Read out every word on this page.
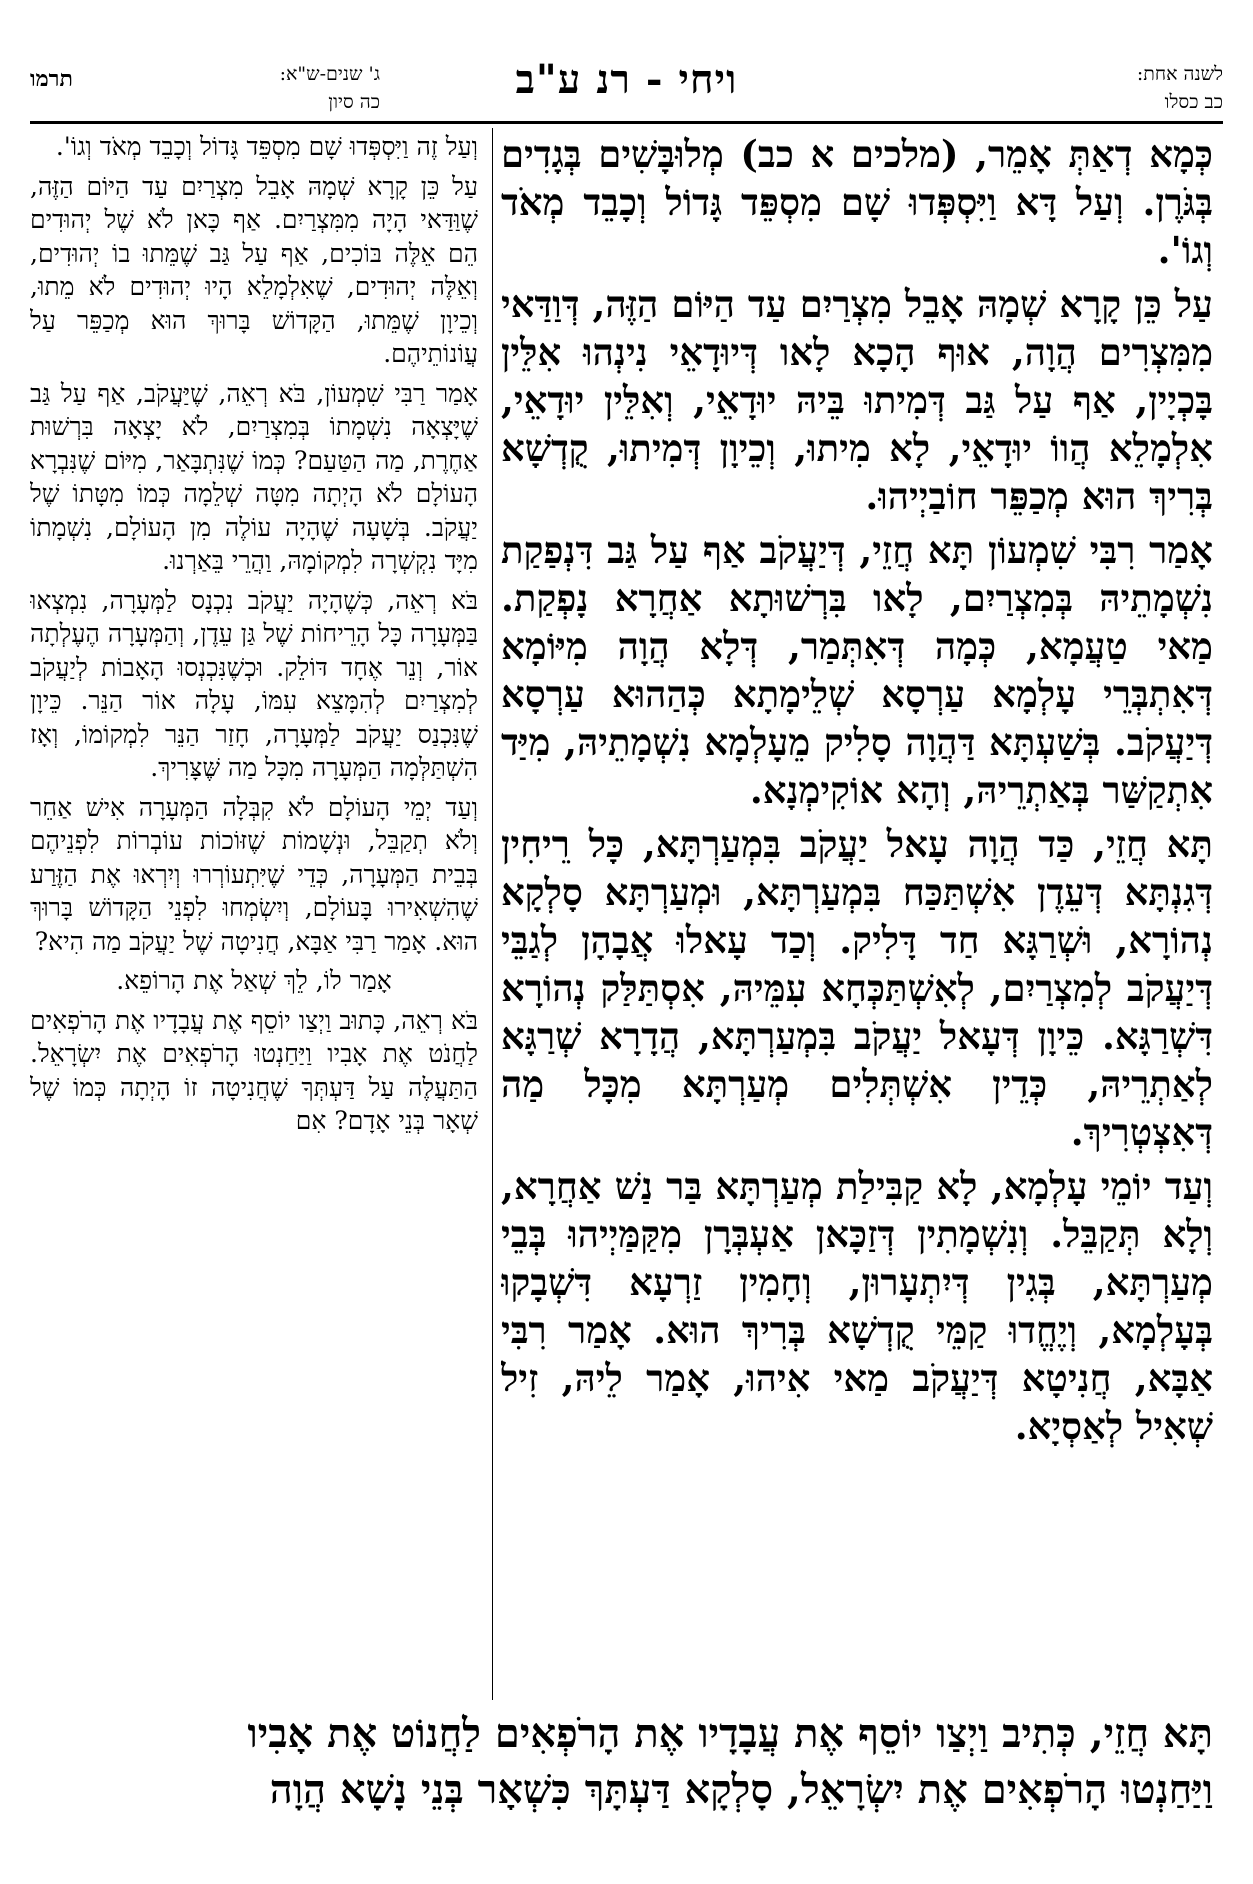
לשנה אחת:
כב כסלו
ויחי - רנ ע"ב
ג' שנים-ש"א:
כה סיון
תרמו

כְּמָא דְאַתְּ אָמֵר, (מלכים א כב) מְלוּבָּשִׁים בְּגָדִים בְּגֹּרֶן. וְעַל דָּא וַיִּסְפְּדוּ שָׁם מִסְפֵּד גָּדוֹל וְכָבֵד מְאֹד וְגוֹ'.

עַל כֵּן קָרָא שְׁמָהּ אָבֵל מִצְרַיִם עַד הַיּוֹם הַזֶּה, דְּוַדַּאי מִמִּצְרִים הֲוָה, אוּף הָכָא לָאו דְּיוּדָאֵי נִינְהוּ אִלֵּין בָּכְיָין, אַף עַל גַּב דְּמִיתוּ בֵּיהּ יוּדָאֵי, וְאִלֵּין יוּדָאֵי, אִלְמָלֵא הֲווֹ יוּדָאֵי, לָא מִיתוּ, וְכֵיוָן דְּמִיתוּ, קֻדְשָׁא בְּרִיךְ הוּא מְכַפֵּר חוֹבַיְיהוּ.

אָמַר רִבִּי שִׁמְעוֹן תָּא חֲזֵי, דְּיַעֲקֹב אַף עַל גַּב דִּנְפַקַת נִשְׁמָתֵיהּ בְּמִצְרַיִם, לָאו בִּרְשׁוּתָא אַחֲרָא נָפְקַת. מַאי טַעֲמָא, כְּמָה דְּאִתְּמַר, דְּלָא הֲוָה מִיּוֹמָא דְּאִתְבְּרֵי עָלְמָא עַרְסָא שְׁלֵימָתָא כְּהַהוּא עַרְסָא דְּיַעֲקֹב. בְּשַׁעְתָּא דַּהֲוָה סָלִיק מֵעָלְמָא נִשְׁמָתֵיהּ, מִיַּד אִתְקַשַּׁר בְּאַתְרֵיהּ, וְהָא אוֹקִימְנָא.

תָּא חֲזֵי, כַּד הֲוָה עָאל יַעֲקֹב בִּמְעַרְתָּא, כָּל רֵיחִין דְּגִנְתָּא דְּעֵדֶן אִשְׁתַּכַּח בִּמְעַרְתָּא, וּמְעַרְתָּא סָלְקָא נְהוֹרָא, וּשְׁרַגָּא חַד דָּלִיק. וְכַד עָאלוּ אֲבָהָן לְגַבֵּי דְּיַעֲקֹב לְמִצְרַיִם, לְאִשְׁתַּכְּחָא עִמֵּיהּ, אִסְתַּלַּק נְהוֹרָא דִּשְׁרַגָּא. כֵּיוָן דְּעָאל יַעֲקֹב בִּמְעַרְתָּא, הֲדָרָא שְׁרַגָּא לְאַתְרֵיהּ, כְּדֵין אִשְׁתְּלִים מְעַרְתָּא מִכָּל מַה דְּאִצְטְרִיךְ.

וְעַד יוֹמֵי עָלְמָא, לָא קַבִּילַת מְעַרְתָּא בַּר נַשׁ אַחֲרָא, וְלָא תְּקַבֵּל. וְנִשְׁמָתִין דְּזַכָּאן אַעְבְּרָן מִקַּמַּיְיהוּ בְּבֵי מְעַרְתָּא, בְּגִין דְּיִתְעָרוּן, וְחָמִין זַרְעָא דִּשְׁבָקוּ בְּעָלְמָא, וְיֶחֱדוּ קַמֵּי קֻדְשָׁא בְּרִיךְ הוּא. אָמַר רִבִּי אַבָּא, חֲנִיטָא דְּיַעֲקֹב מַאי אִיהוּ, אָמַר לֵיהּ, זִיל שְׁאִיל לְאַסְיָא.

וְעַל זֶה וַיִּסְפְּדוּ שָׁם מִסְפֵּד גָּדוֹל וְכָבֵד מְאֹד וְגוֹ'.

עַל כֵּן קָרָא שְׁמָהּ אָבֵל מִצְרַיִם עַד הַיּוֹם הַזֶּה, שֶׁוַּדַּאי הָיָה מִמִּצְרַיִם. אַף כָּאן לֹא שֶׁל יְהוּדִים הֵם אֵלֶּה בּוֹכִים, אַף עַל גַּב שֶׁמֵּתוּ בוֹ יְהוּדִים, וְאֵלֶּה יְהוּדִים, שֶׁאִלְמָלֵא הָיוּ יְהוּדִים לֹא מֵתוּ, וְכֵיוָן שֶׁמֵּתוּ, הַקָּדוֹשׁ בָּרוּךְ הוּא מְכַפֵּר עַל עֲוֹנוֹתֵיהֶם.

אָמַר רַבִּי שִׁמְעוֹן, בֹּא רְאֵה, שֶׁיַּעֲקֹב, אַף עַל גַּב שֶׁיָּצְאָה נִשְׁמָתוֹ בְּמִצְרַיִם, לֹא יָצְאָה בִּרְשׁוּת אַחֶרֶת, מַה הַטַּעַם? כְּמוֹ שֶׁנִּתְבָּאַר, מִיּוֹם שֶׁנִּבְרָא הָעוֹלָם לֹא הָיְתָה מִטָּה שְׁלֵמָה כְּמוֹ מִטָּתוֹ שֶׁל יַעֲקֹב. בְּשָׁעָה שֶׁהָיָה עוֹלֶה מִן הָעוֹלָם, נִשְׁמָתוֹ מִיָּד נִקְשְׁרָה לִמְקוֹמָהּ, וַהֲרֵי בֵּאַרְנוּ.

בֹּא רְאֵה, כְּשֶׁהָיָה יַעֲקֹב נִכְנָס לַמְּעָרָה, נִמְצְאוּ בַּמְּעָרָה כָּל הָרֵיחוֹת שֶׁל גַּן עֵדֶן, וְהַמְּעָרָה הֶעֶלְתָה אוֹר, וְנֵר אֶחָד דּוֹלֵק. וּכְשֶׁנִּכְנְסוּ הָאָבוֹת לְיַעֲקֹב לְמִצְרַיִם לְהִמָּצֵא עִמּוֹ, עָלָה אוֹר הַנֵּר. כֵּיוָן שֶׁנִּכְנַס יַעֲקֹב לַמְּעָרָה, חָזַר הַנֵּר לִמְקוֹמוֹ, וְאָז הִשְׁתַּלְּמָה הַמְּעָרָה מִכָּל מַה שֶּׁצָּרִיךְ.

וְעַד יְמֵי הָעוֹלָם לֹא קִבְּלָה הַמְּעָרָה אִישׁ אַחֵר וְלֹא תְקַבֵּל, וּנְשָׁמוֹת שֶׁזּוֹכוֹת עוֹבְרוֹת לִפְנֵיהֶם בְּבֵית הַמְּעָרָה, כְּדֵי שֶׁיִּתְעוֹרְרוּ וְיִרְאוּ אֶת הַזֶּרַע שֶׁהִשְׁאִירוּ בָּעוֹלָם, וְיִשְׂמְחוּ לִפְנֵי הַקָּדוֹשׁ בָּרוּךְ הוּא. אָמַר רַבִּי אַבָּא, חֲנִיטָה שֶׁל יַעֲקֹב מַה הִיא?

אָמַר לוֹ, לֵךְ שְׁאַל אֶת הָרוֹפֵא.

בֹּא רְאֵה, כָּתוּב וַיְצַו יוֹסֵף אֶת עֲבָדָיו אֶת הָרֹפְאִים לַחֲנֹט אֶת אָבִיו וַיַּחַנְטוּ הָרֹפְאִים אֶת יִשְׂרָאֵל. הַתַּעֲלֶה עַל דַּעְתְּךָ שֶׁחֲנִיטָה זוֹ הָיְתָה כְּמוֹ שֶׁל שְׁאָר בְּנֵי אָדָם? אִם

תָּא חֲזֵי, כְּתִיב וַיְצַו יוֹסֵף אֶת עֲבָדָיו אֶת הָרֹפְאִים לַחֲנוֹט אֶת אָבִיו
וַיַּחַנְטוּ הָרֹפְאִים אֶת יִשְׂרָאֵל, סָלְקָא דַּעְתָּךְ כִּשְׁאָר בְּנֵי נָשָׁא הֲוָה
